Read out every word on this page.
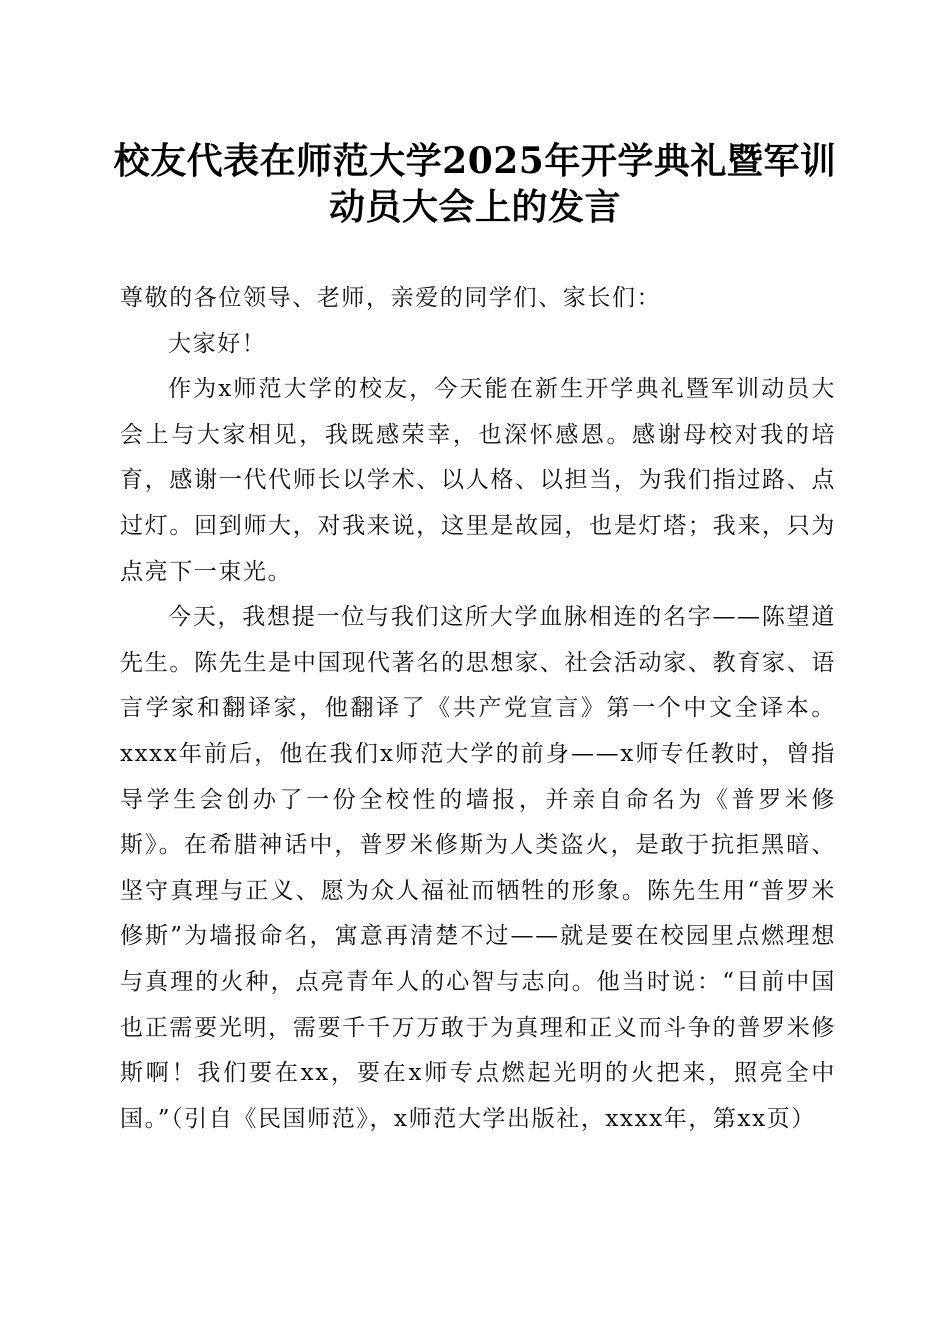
校友代表在师范大学2025年开学典礼暨军训
动员大会上的发言

尊敬的各位领导、老师，亲爱的同学们、家长们：

大家好！

作为x师范大学的校友，今天能在新生开学典礼暨军训动员大会上与大家相见，我既感荣幸，也深怀感恩。感谢母校对我的培育，感谢一代代师长以学术、以人格、以担当，为我们指过路、点过灯。回到师大，对我来说，这里是故园，也是灯塔；我来，只为点亮下一束光。

今天，我想提一位与我们这所大学血脉相连的名字——陈望道先生。陈先生是中国现代著名的思想家、社会活动家、教育家、语言学家和翻译家，他翻译了《共产党宣言》第一个中文全译本。xxxx年前后，他在我们x师范大学的前身——x师专任教时，曾指导学生会创办了一份全校性的墙报，并亲自命名为《普罗米修斯》。在希腊神话中，普罗米修斯为人类盗火，是敢于抗拒黑暗、坚守真理与正义、愿为众人福祉而牺牲的形象。陈先生用“普罗米修斯”为墙报命名，寓意再清楚不过——就是要在校园里点燃理想与真理的火种，点亮青年人的心智与志向。他当时说：“目前中国也正需要光明，需要千千万万敢于为真理和正义而斗争的普罗米修斯啊！我们要在xx，要在x师专点燃起光明的火把来，照亮全中国。”（引自《民国师范》，x师范大学出版社，xxxx年，第xx页）
